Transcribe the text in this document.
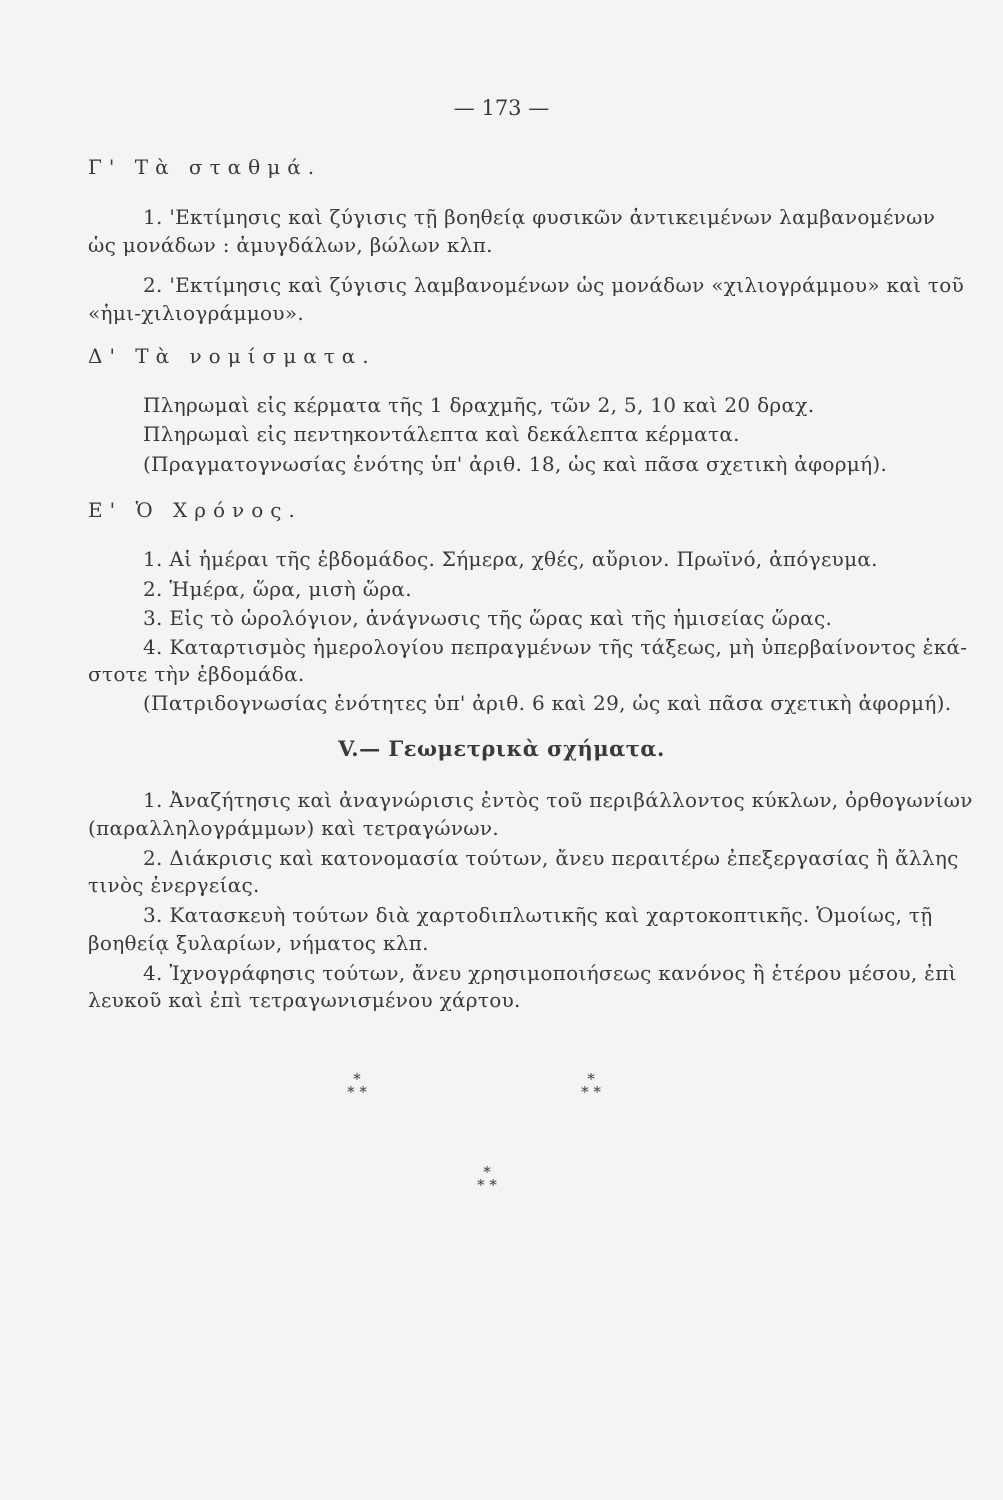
— 173 —
Γ' Τὰ σταθμά.
1. 'Εκτίμησις καὶ ζύγισις τῇ βοηθείᾳ φυσικῶν ἀντικειμένων λαμβανομένων
ὡς μονάδων : ἀμυγδάλων, βώλων κλπ.
2. 'Εκτίμησις καὶ ζύγισις λαμβανομένων ὡς μονάδων «χιλιογράμμου» καὶ τοῦ
«ἡμι-χιλιογράμμου».
Δ' Τὰ νομίσματα.
Πληρωμαὶ εἰς κέρματα τῆς 1 δραχμῆς, τῶν 2, 5, 10 καὶ 20 δραχ.
Πληρωμαὶ εἰς πεντηκοντάλεπτα καὶ δεκάλεπτα κέρματα.
(Πραγματογνωσίας ἑνότης ὑπ' ἀριθ. 18, ὡς καὶ πᾶσα σχετικὴ ἀφορμή).
Ε' Ὁ Χρόνος.
1. Αἱ ἡμέραι τῆς ἑβδομάδος. Σήμερα, χθές, αὔριον. Πρωϊνό, ἀπόγευμα.
2. Ἡμέρα, ὥρα, μισὴ ὥρα.
3. Εἰς τὸ ὡρολόγιον, ἀνάγνωσις τῆς ὥρας καὶ τῆς ἡμισείας ὥρας.
4. Καταρτισμὸς ἡμερολογίου πεπραγμένων τῆς τάξεως, μὴ ὑπερβαίνοντος ἑκά-
στοτε τὴν ἑβδομάδα.
(Πατριδογνωσίας ἑνότητες ὑπ' ἀριθ. 6 καὶ 29, ὡς καὶ πᾶσα σχετικὴ ἀφορμή).
V.— Γεωμετρικὰ σχήματα.
1. Ἀναζήτησις καὶ ἀναγνώρισις ἐντὸς τοῦ περιβάλλοντος κύκλων, ὀρθογωνίων
(παραλληλογράμμων) καὶ τετραγώνων.
2. Διάκρισις καὶ κατονομασία τούτων, ἄνευ περαιτέρω ἐπεξεργασίας ἢ ἄλλης
τινὸς ἐνεργείας.
3. Κατασκευὴ τούτων διὰ χαρτοδιπλωτικῆς καὶ χαρτοκοπτικῆς. Ὁμοίως, τῇ
βοηθείᾳ ξυλαρίων, νήματος κλπ.
4. Ἰχνογράφησις τούτων, ἄνευ χρησιμοποιήσεως κανόνος ἢ ἑτέρου μέσου, ἐπὶ
λευκοῦ καὶ ἐπὶ τετραγωνισμένου χάρτου.
*
* *
*
* *
*
* *
